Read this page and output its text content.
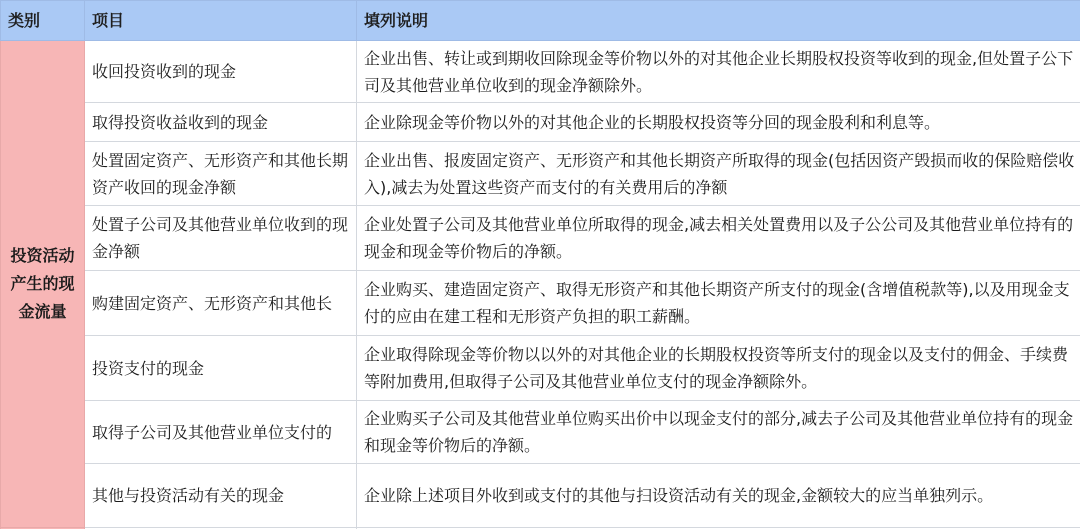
类别	项目	填列说明
投资活动产生的现金流量	收回投资收到的现金	企业出售、转让或到期收回除现金等价物以外的对其他企业长期股权投资等收到的现金,但处置子公下司及其他营业单位收到的现金净额除外。
	取得投资收益收到的现金	企业除现金等价物以外的对其他企业的长期股权投资等分回的现金股利和利息等。
	处置固定资产、无形资产和其他长期资产收回的现金净额	企业出售、报废固定资产、无形资产和其他长期资产所取得的现金(包括因资产毁损而收的保险赔偿收入),减去为处置这些资产而支付的有关费用后的净额
	处置子公司及其他营业单位收到的现金净额	企业处置子公司及其他营业单位所取得的现金,减去相关处置费用以及子公公司及其他营业单位持有的现金和现金等价物后的净额。
	购建固定资产、无形资产和其他长	企业购买、建造固定资产、取得无形资产和其他长期资产所支付的现金(含增值税款等),以及用现金支付的应由在建工程和无形资产负担的职工薪酬。
	投资支付的现金	企业取得除现金等价物以以外的对其他企业的长期股权投资等所支付的现金以及支付的佣金、手续费等附加费用,但取得子公司及其他营业单位支付的现金净额除外。
	取得子公司及其他营业单位支付的	企业购买子公司及其他营业单位购买出价中以现金支付的部分,减去子公司及其他营业单位持有的现金和现金等价物后的净额。
	其他与投资活动有关的现金	企业除上述项目外收到或支付的其他与扫设资活动有关的现金,金额较大的应当单独列示。
